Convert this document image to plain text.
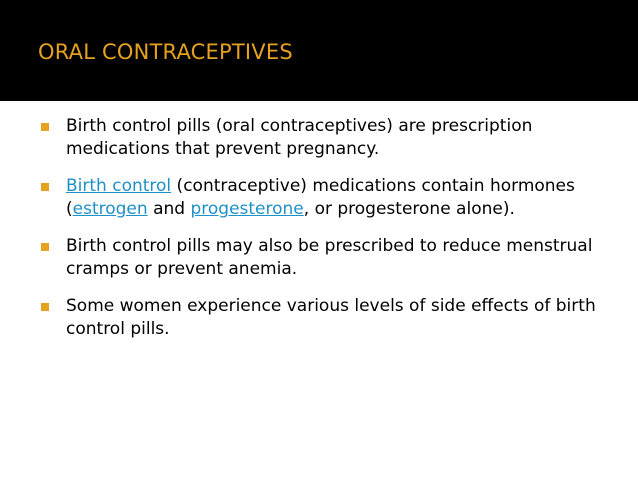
ORAL CONTRACEPTIVES
Birth control pills (oral contraceptives) are prescription medications that prevent pregnancy.
Birth control (contraceptive) medications contain hormones (estrogen and progesterone, or progesterone alone).
Birth control pills may also be prescribed to reduce menstrual cramps or prevent anemia.
Some women experience various levels of side effects of birth control pills.
